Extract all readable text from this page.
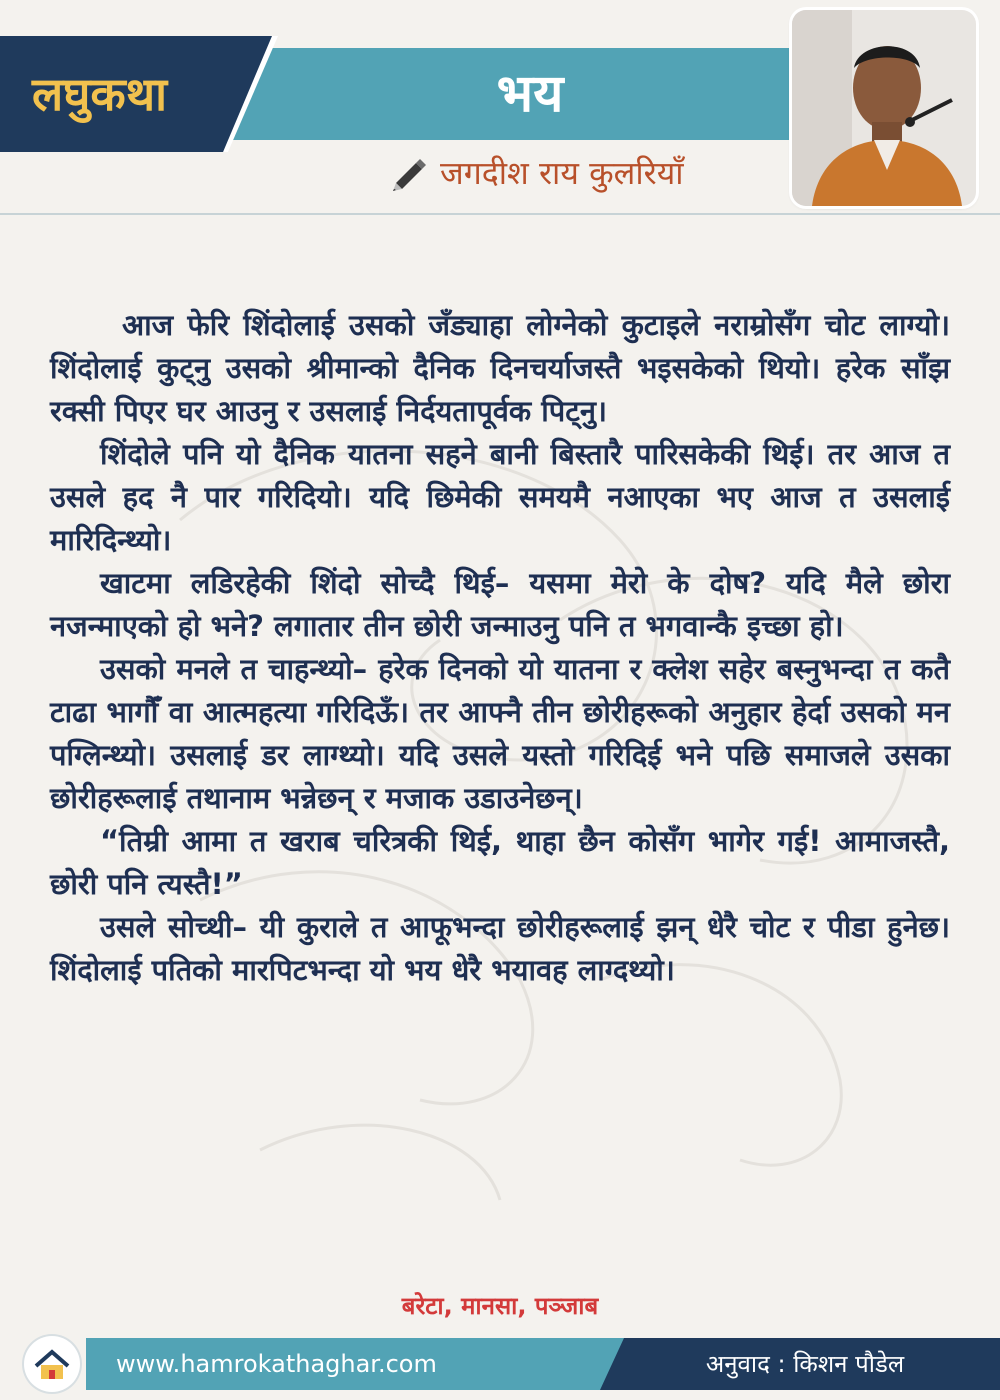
लघुकथा	भय
जगदीश राय कुलरियाँ

आज फेरि शिंदोलाई उसको जँड्याहा लोग्नेको कुटाइले नराम्रोसँग चोट लाग्यो। शिंदोलाई कुट्नु उसको श्रीमान्को दैनिक दिनचर्याजस्तै भइसकेको थियो। हरेक साँझ रक्सी पिएर घर आउनु र उसलाई निर्दयतापूर्वक पिट्नु।

शिंदोले पनि यो दैनिक यातना सहने बानी बिस्तारै पारिसकेकी थिई। तर आज त उसले हद नै पार गरिदियो। यदि छिमेकी समयमै नआएका भए आज त उसलाई मारिदिन्थ्यो।

खाटमा लडिरहेकी शिंदो सोच्दै थिई– यसमा मेरो के दोष? यदि मैले छोरा नजन्माएको हो भने? लगातार तीन छोरी जन्माउनु पनि त भगवान्कै इच्छा हो।

उसको मनले त चाहन्थ्यो– हरेक दिनको यो यातना र क्लेश सहेर बस्नुभन्दा त कतै टाढा भागौँ वा आत्महत्या गरिदिऊँ। तर आफ्नै तीन छोरीहरूको अनुहार हेर्दा उसको मन पग्लिन्थ्यो। उसलाई डर लाग्थ्यो। यदि उसले यस्तो गरिदिई भने पछि समाजले उसका छोरीहरूलाई तथानाम भन्नेछन् र मजाक उडाउनेछन्।

“तिम्री आमा त खराब चरित्रकी थिई, थाहा छैन कोसँग भागेर गई! आमाजस्तै, छोरी पनि त्यस्तै!”

उसले सोच्थी– यी कुराले त आफूभन्दा छोरीहरूलाई झन् धेरै चोट र पीडा हुनेछ। शिंदोलाई पतिको मारपिटभन्दा यो भय धेरै भयावह लाग्दथ्यो।

बरेटा, मानसा, पञ्जाब
www.hamrokathaghar.com	अनुवाद : किशन पौडेल
